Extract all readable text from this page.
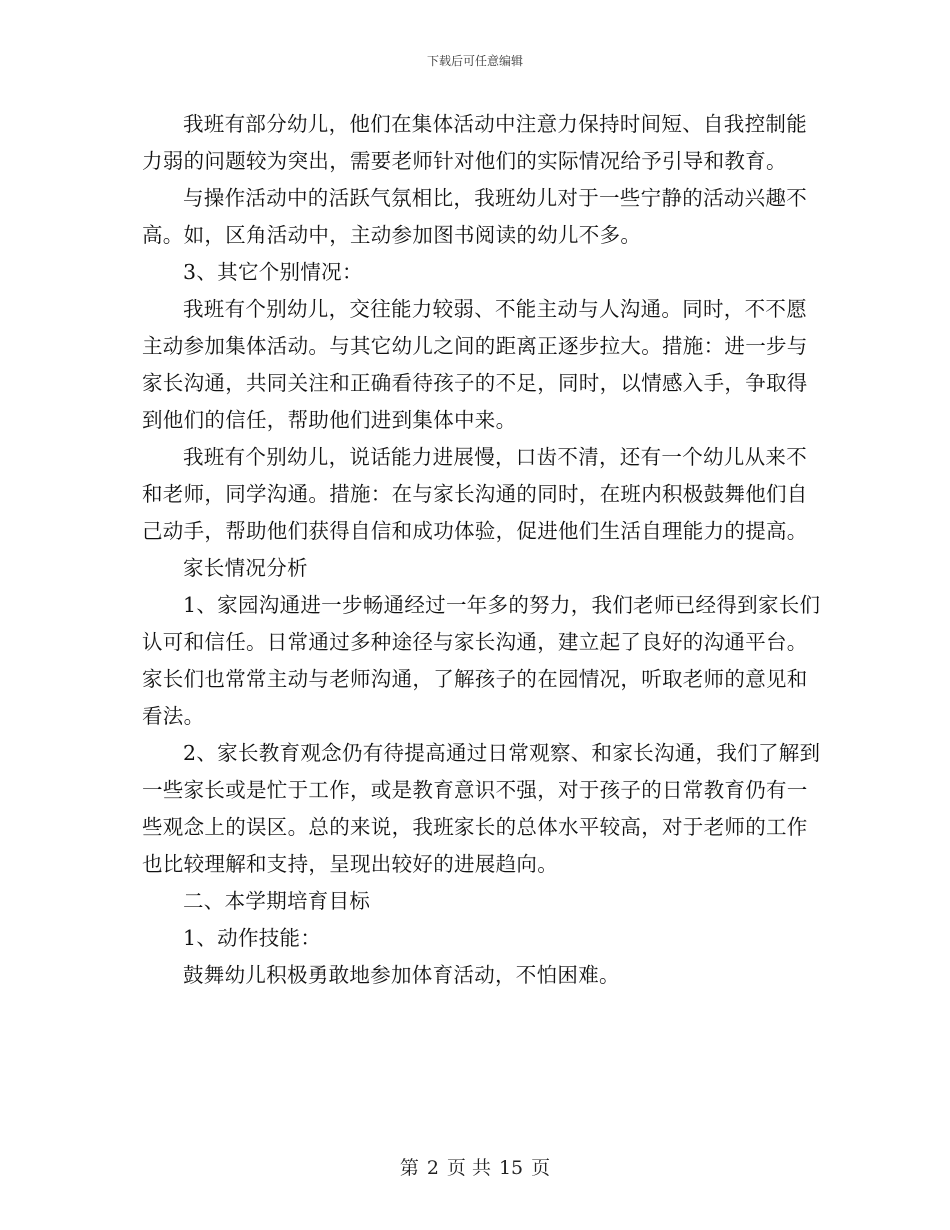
下载后可任意编辑

我班有部分幼儿，他们在集体活动中注意力保持时间短、自我控制能力弱的问题较为突出，需要老师针对他们的实际情况给予引导和教育。

与操作活动中的活跃气氛相比，我班幼儿对于一些宁静的活动兴趣不高。如，区角活动中，主动参加图书阅读的幼儿不多。

3、其它个别情况：

我班有个别幼儿，交往能力较弱、不能主动与人沟通。同时，不不愿主动参加集体活动。与其它幼儿之间的距离正逐步拉大。措施：进一步与家长沟通，共同关注和正确看待孩子的不足，同时，以情感入手，争取得到他们的信任，帮助他们进到集体中来。

我班有个别幼儿，说话能力进展慢，口齿不清，还有一个幼儿从来不和老师，同学沟通。措施：在与家长沟通的同时，在班内积极鼓舞他们自己动手，帮助他们获得自信和成功体验，促进他们生活自理能力的提高。

家长情况分析

1、家园沟通进一步畅通经过一年多的努力，我们老师已经得到家长们认可和信任。日常通过多种途径与家长沟通，建立起了良好的沟通平台。家长们也常常主动与老师沟通，了解孩子的在园情况，听取老师的意见和看法。

2、家长教育观念仍有待提高通过日常观察、和家长沟通，我们了解到一些家长或是忙于工作，或是教育意识不强，对于孩子的日常教育仍有一些观念上的误区。总的来说，我班家长的总体水平较高，对于老师的工作也比较理解和支持，呈现出较好的进展趋向。

二、本学期培育目标

1、动作技能：

鼓舞幼儿积极勇敢地参加体育活动，不怕困难。

第 2 页 共 15 页
